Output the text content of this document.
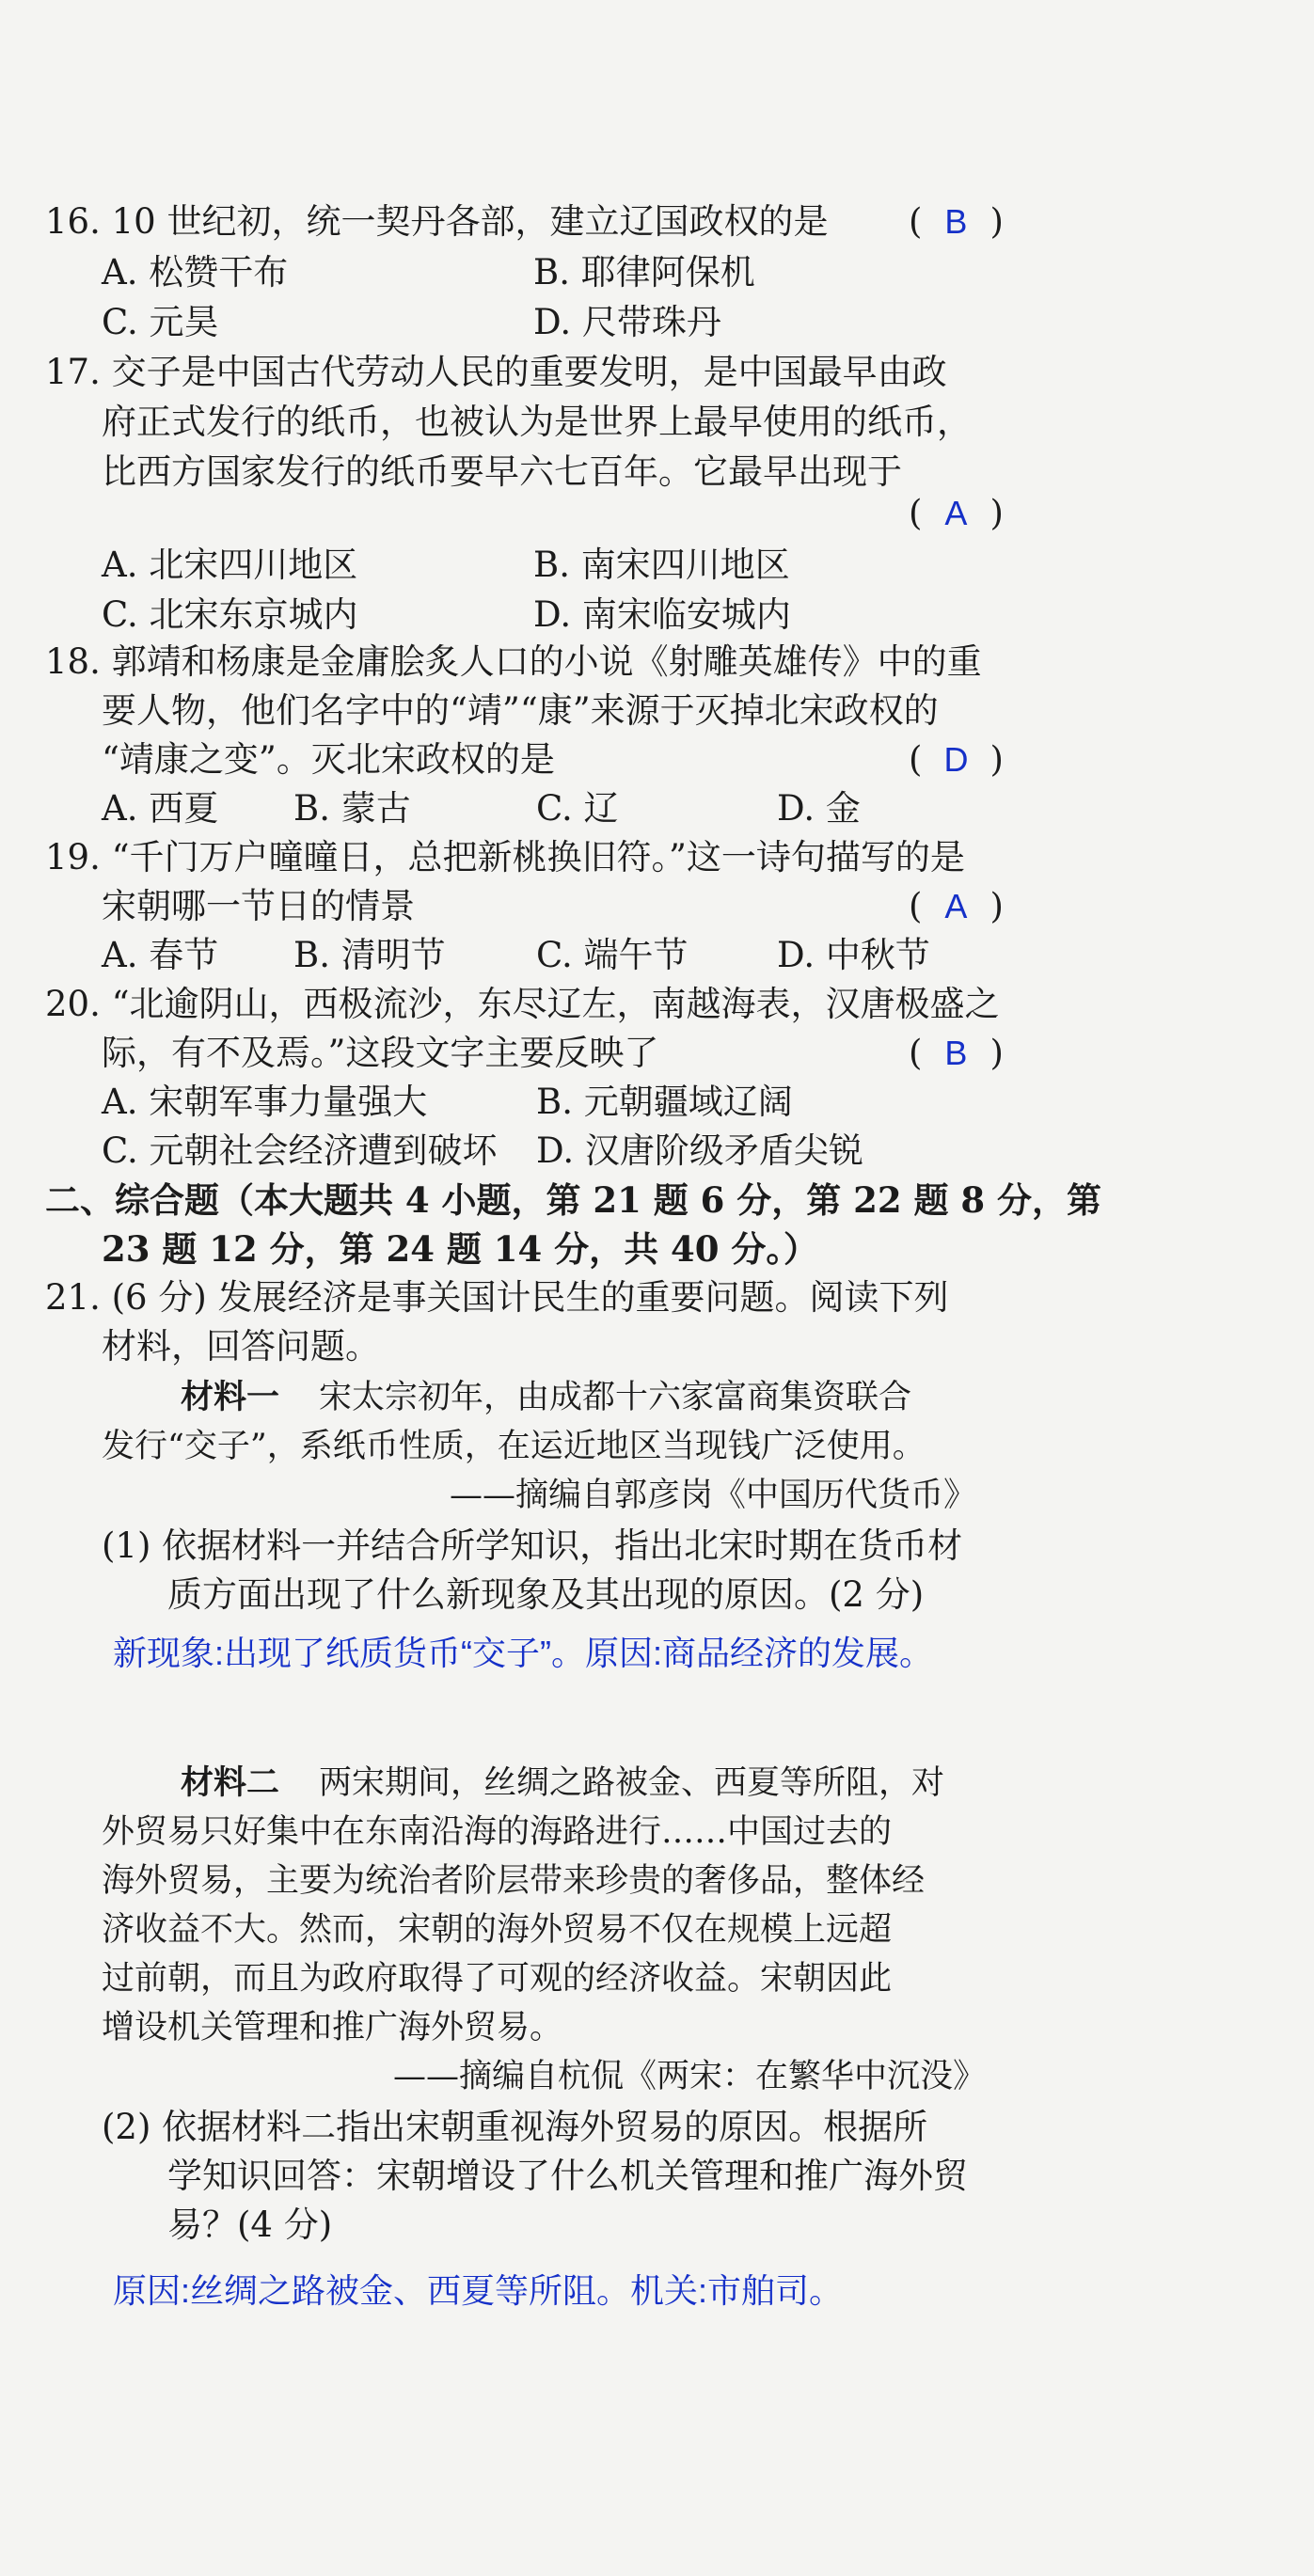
16. 10 世纪初，统一契丹各部，建立辽国政权的是 ( B )
A. 松赞干布	B. 耶律阿保机
C. 元昊	D. 尺带珠丹
17. 交子是中国古代劳动人民的重要发明，是中国最早由政
府正式发行的纸币，也被认为是世界上最早使用的纸币，
比西方国家发行的纸币要早六七百年。它最早出现于
( A )
A. 北宋四川地区	B. 南宋四川地区
C. 北宋东京城内	D. 南宋临安城内
18. 郭靖和杨康是金庸脍炙人口的小说《射雕英雄传》中的重
要人物，他们名字中的“靖”“康”来源于灭掉北宋政权的
“靖康之变”。灭北宋政权的是	( D )
A. 西夏 B. 蒙古	C. 辽	D. 金
19. “千门万户曈曈日，总把新桃换旧符。”这一诗句描写的是
宋朝哪一节日的情景	( A )
A. 春节 B. 清明节	C. 端午节	D. 中秋节
20. “北逾阴山，西极流沙，东尽辽左，南越海表，汉唐极盛之
际，有不及焉。”这段文字主要反映了	( B )
A. 宋朝军事力量强大	B. 元朝疆域辽阔
C. 元朝社会经济遭到破坏 D. 汉唐阶级矛盾尖锐
二、综合题（本大题共 4 小题，第 21 题 6 分，第 22 题 8 分，第
23 题 12 分，第 24 题 14 分，共 40 分。）
21. (6 分) 发展经济是事关国计民生的重要问题。阅读下列
材料，回答问题。
材料一 宋太宗初年，由成都十六家富商集资联合
发行“交子”，系纸币性质，在运近地区当现钱广泛使用。
——摘编自郭彦岗《中国历代货币》
(1) 依据材料一并结合所学知识，指出北宋时期在货币材
质方面出现了什么新现象及其出现的原因。(2 分)
新现象:出现了纸质货币“交子”。原因:商品经济的发展。
材料二 两宋期间，丝绸之路被金、西夏等所阻，对
外贸易只好集中在东南沿海的海路进行……中国过去的
海外贸易，主要为统治者阶层带来珍贵的奢侈品，整体经
济收益不大。然而，宋朝的海外贸易不仅在规模上远超
过前朝，而且为政府取得了可观的经济收益。宋朝因此
增设机关管理和推广海外贸易。
——摘编自杭侃《两宋：在繁华中沉没》
(2) 依据材料二指出宋朝重视海外贸易的原因。根据所
学知识回答：宋朝增设了什么机关管理和推广海外贸
易？(4 分)
原因:丝绸之路被金、西夏等所阻。机关:市舶司。
